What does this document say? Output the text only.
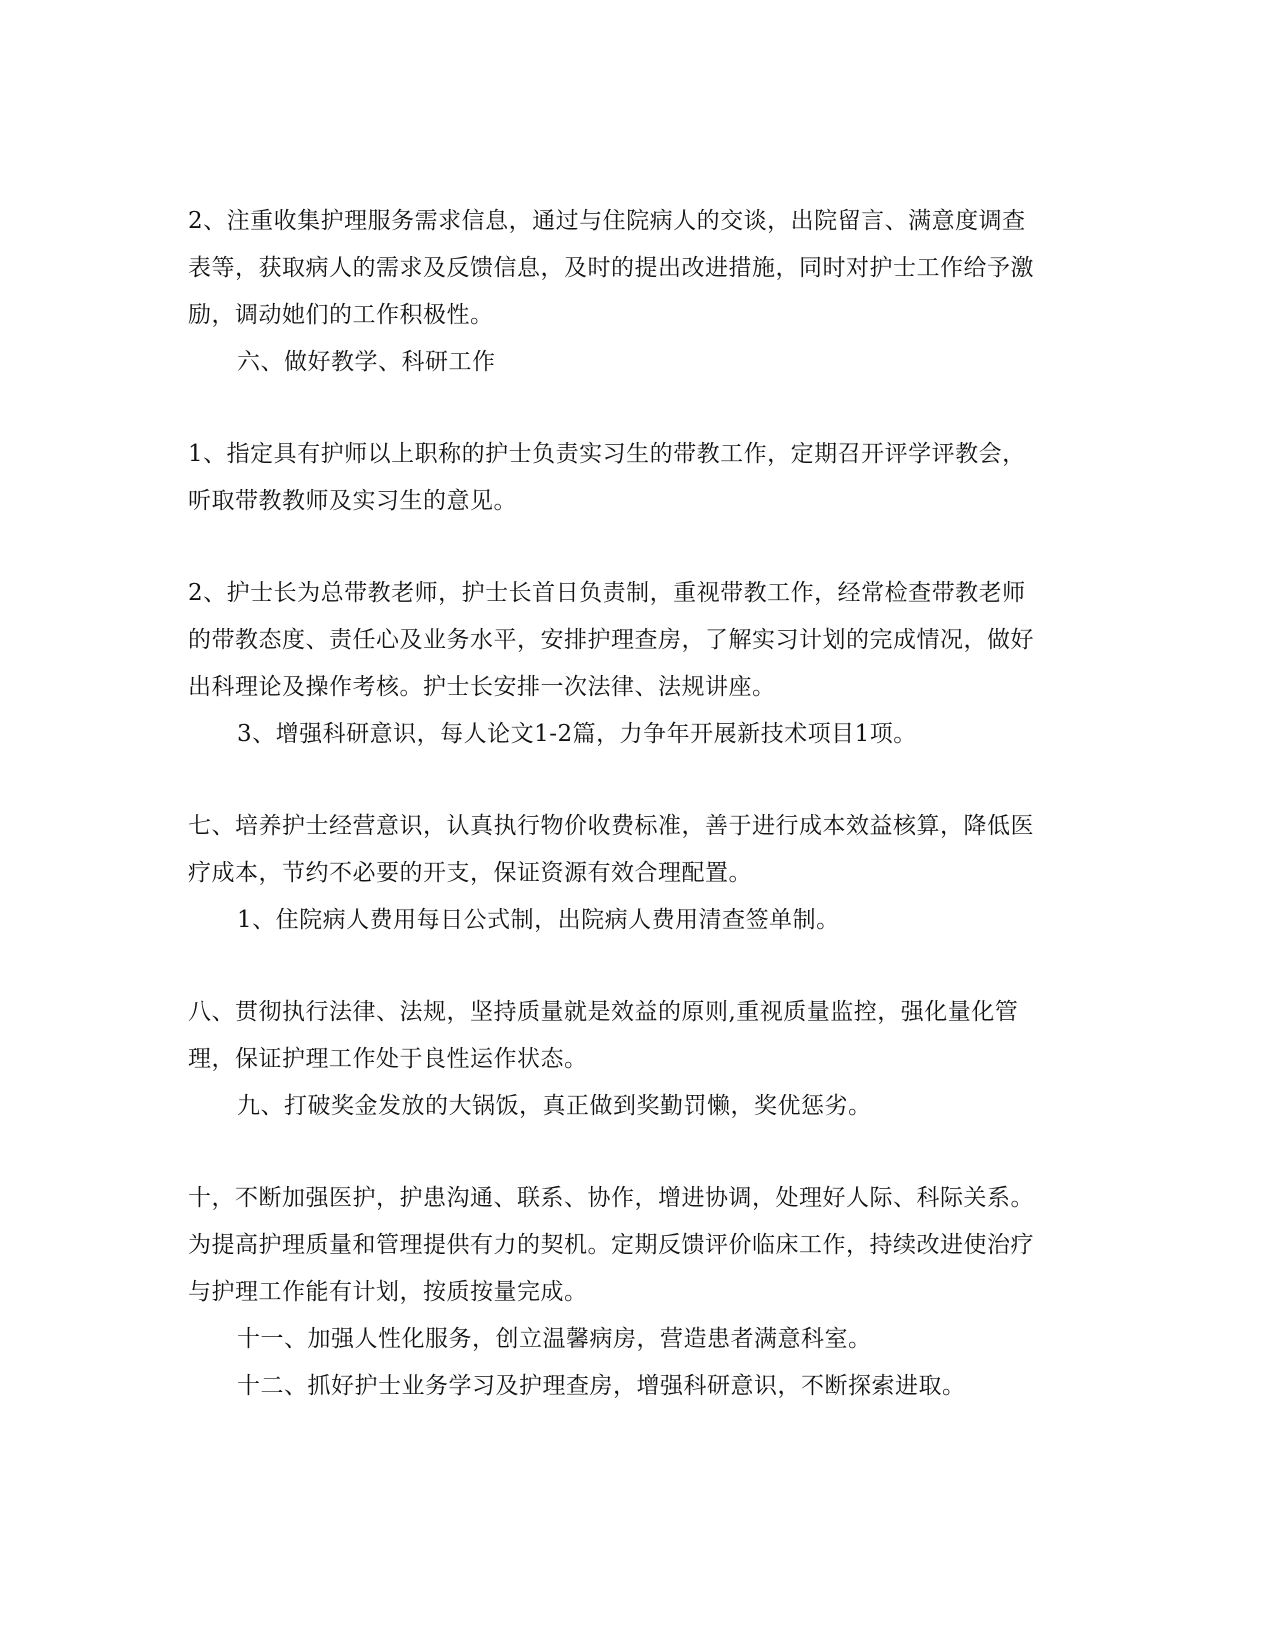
2、注重收集护理服务需求信息，通过与住院病人的交谈，出院留言、满意度调查
表等，获取病人的需求及反馈信息，及时的提出改进措施，同时对护士工作给予激
励，调动她们的工作积极性。
六、做好教学、科研工作
1、指定具有护师以上职称的护士负责实习生的带教工作，定期召开评学评教会，
听取带教教师及实习生的意见。
2、护士长为总带教老师，护士长首日负责制，重视带教工作，经常检查带教老师
的带教态度、责任心及业务水平，安排护理查房，了解实习计划的完成情况，做好
出科理论及操作考核。护士长安排一次法律、法规讲座。
3、增强科研意识，每人论文1-2篇，力争年开展新技术项目1项。
七、培养护士经营意识，认真执行物价收费标准，善于进行成本效益核算，降低医
疗成本，节约不必要的开支，保证资源有效合理配置。
1、住院病人费用每日公式制，出院病人费用清查签单制。
八、贯彻执行法律、法规，坚持质量就是效益的原则,重视质量监控，强化量化管
理，保证护理工作处于良性运作状态。
九、打破奖金发放的大锅饭，真正做到奖勤罚懒，奖优惩劣。
十，不断加强医护，护患沟通、联系、协作，增进协调，处理好人际、科际关系。
为提高护理质量和管理提供有力的契机。定期反馈评价临床工作，持续改进使治疗
与护理工作能有计划，按质按量完成。
十一、加强人性化服务，创立温馨病房，营造患者满意科室。
十二、抓好护士业务学习及护理查房，增强科研意识，不断探索进取。
